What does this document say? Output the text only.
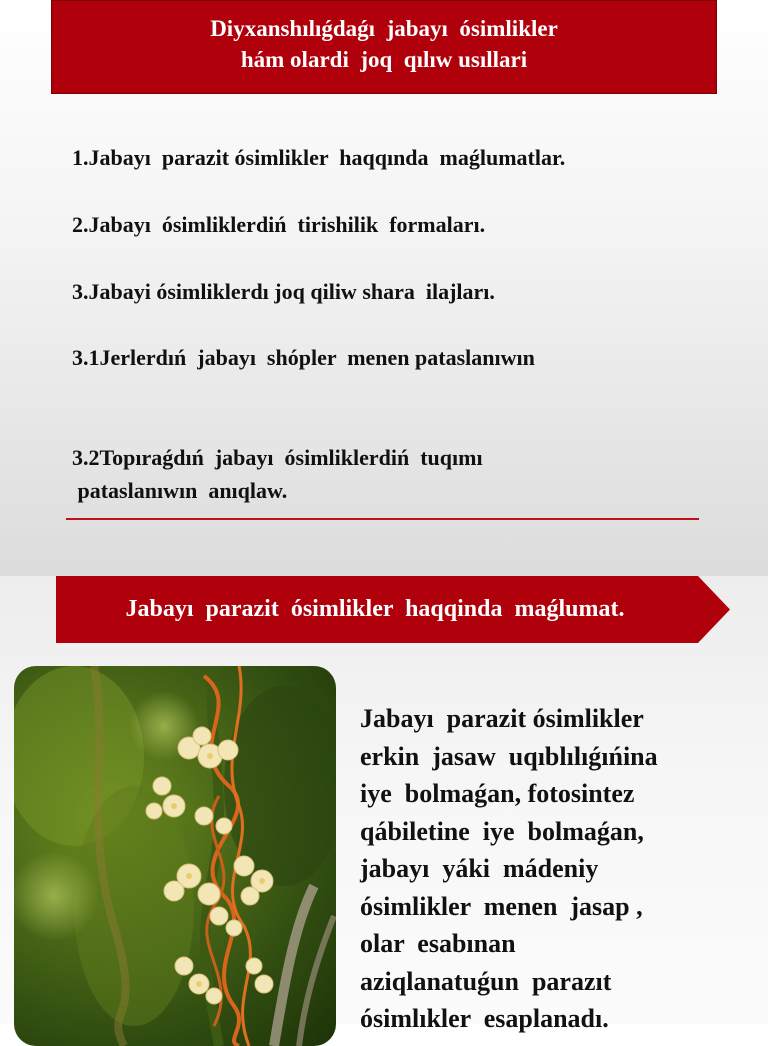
Diyxanshılıǵdaǵı  jabayı  ósimlikler
hám olardi  joq  qılıw usıllari
1.Jabayı  parazit ósimlikler  haqqında  maǵlumatlar.
2.Jabayı  ósimliklerdiń  tirishilik  formaları.
3.Jabayi ósimliklerdı joq qiliw shara  ilajları.
3.1Jerlerdıń  jabayı  shópler  menen pataslanıwın
3.2Topıraǵdıń  jabayı  ósimliklerdiń  tuqımı
pataslanıwın  anıqlaw.
Jabayı  parazit  ósimlikler  haqqinda  maǵlumat.
Jabayı  parazit ósimlikler
erkin  jasaw  uqıblılıǵıńina
iye  bolmaǵan, fotosintez
qábiletine  iye  bolmaǵan,
jabayı  yáki  mádeniy
ósimlikler  menen  jasap ,
olar  esabınan
aziqlanatuǵun  parazıt
ósimlıkler  esaplanadı.
